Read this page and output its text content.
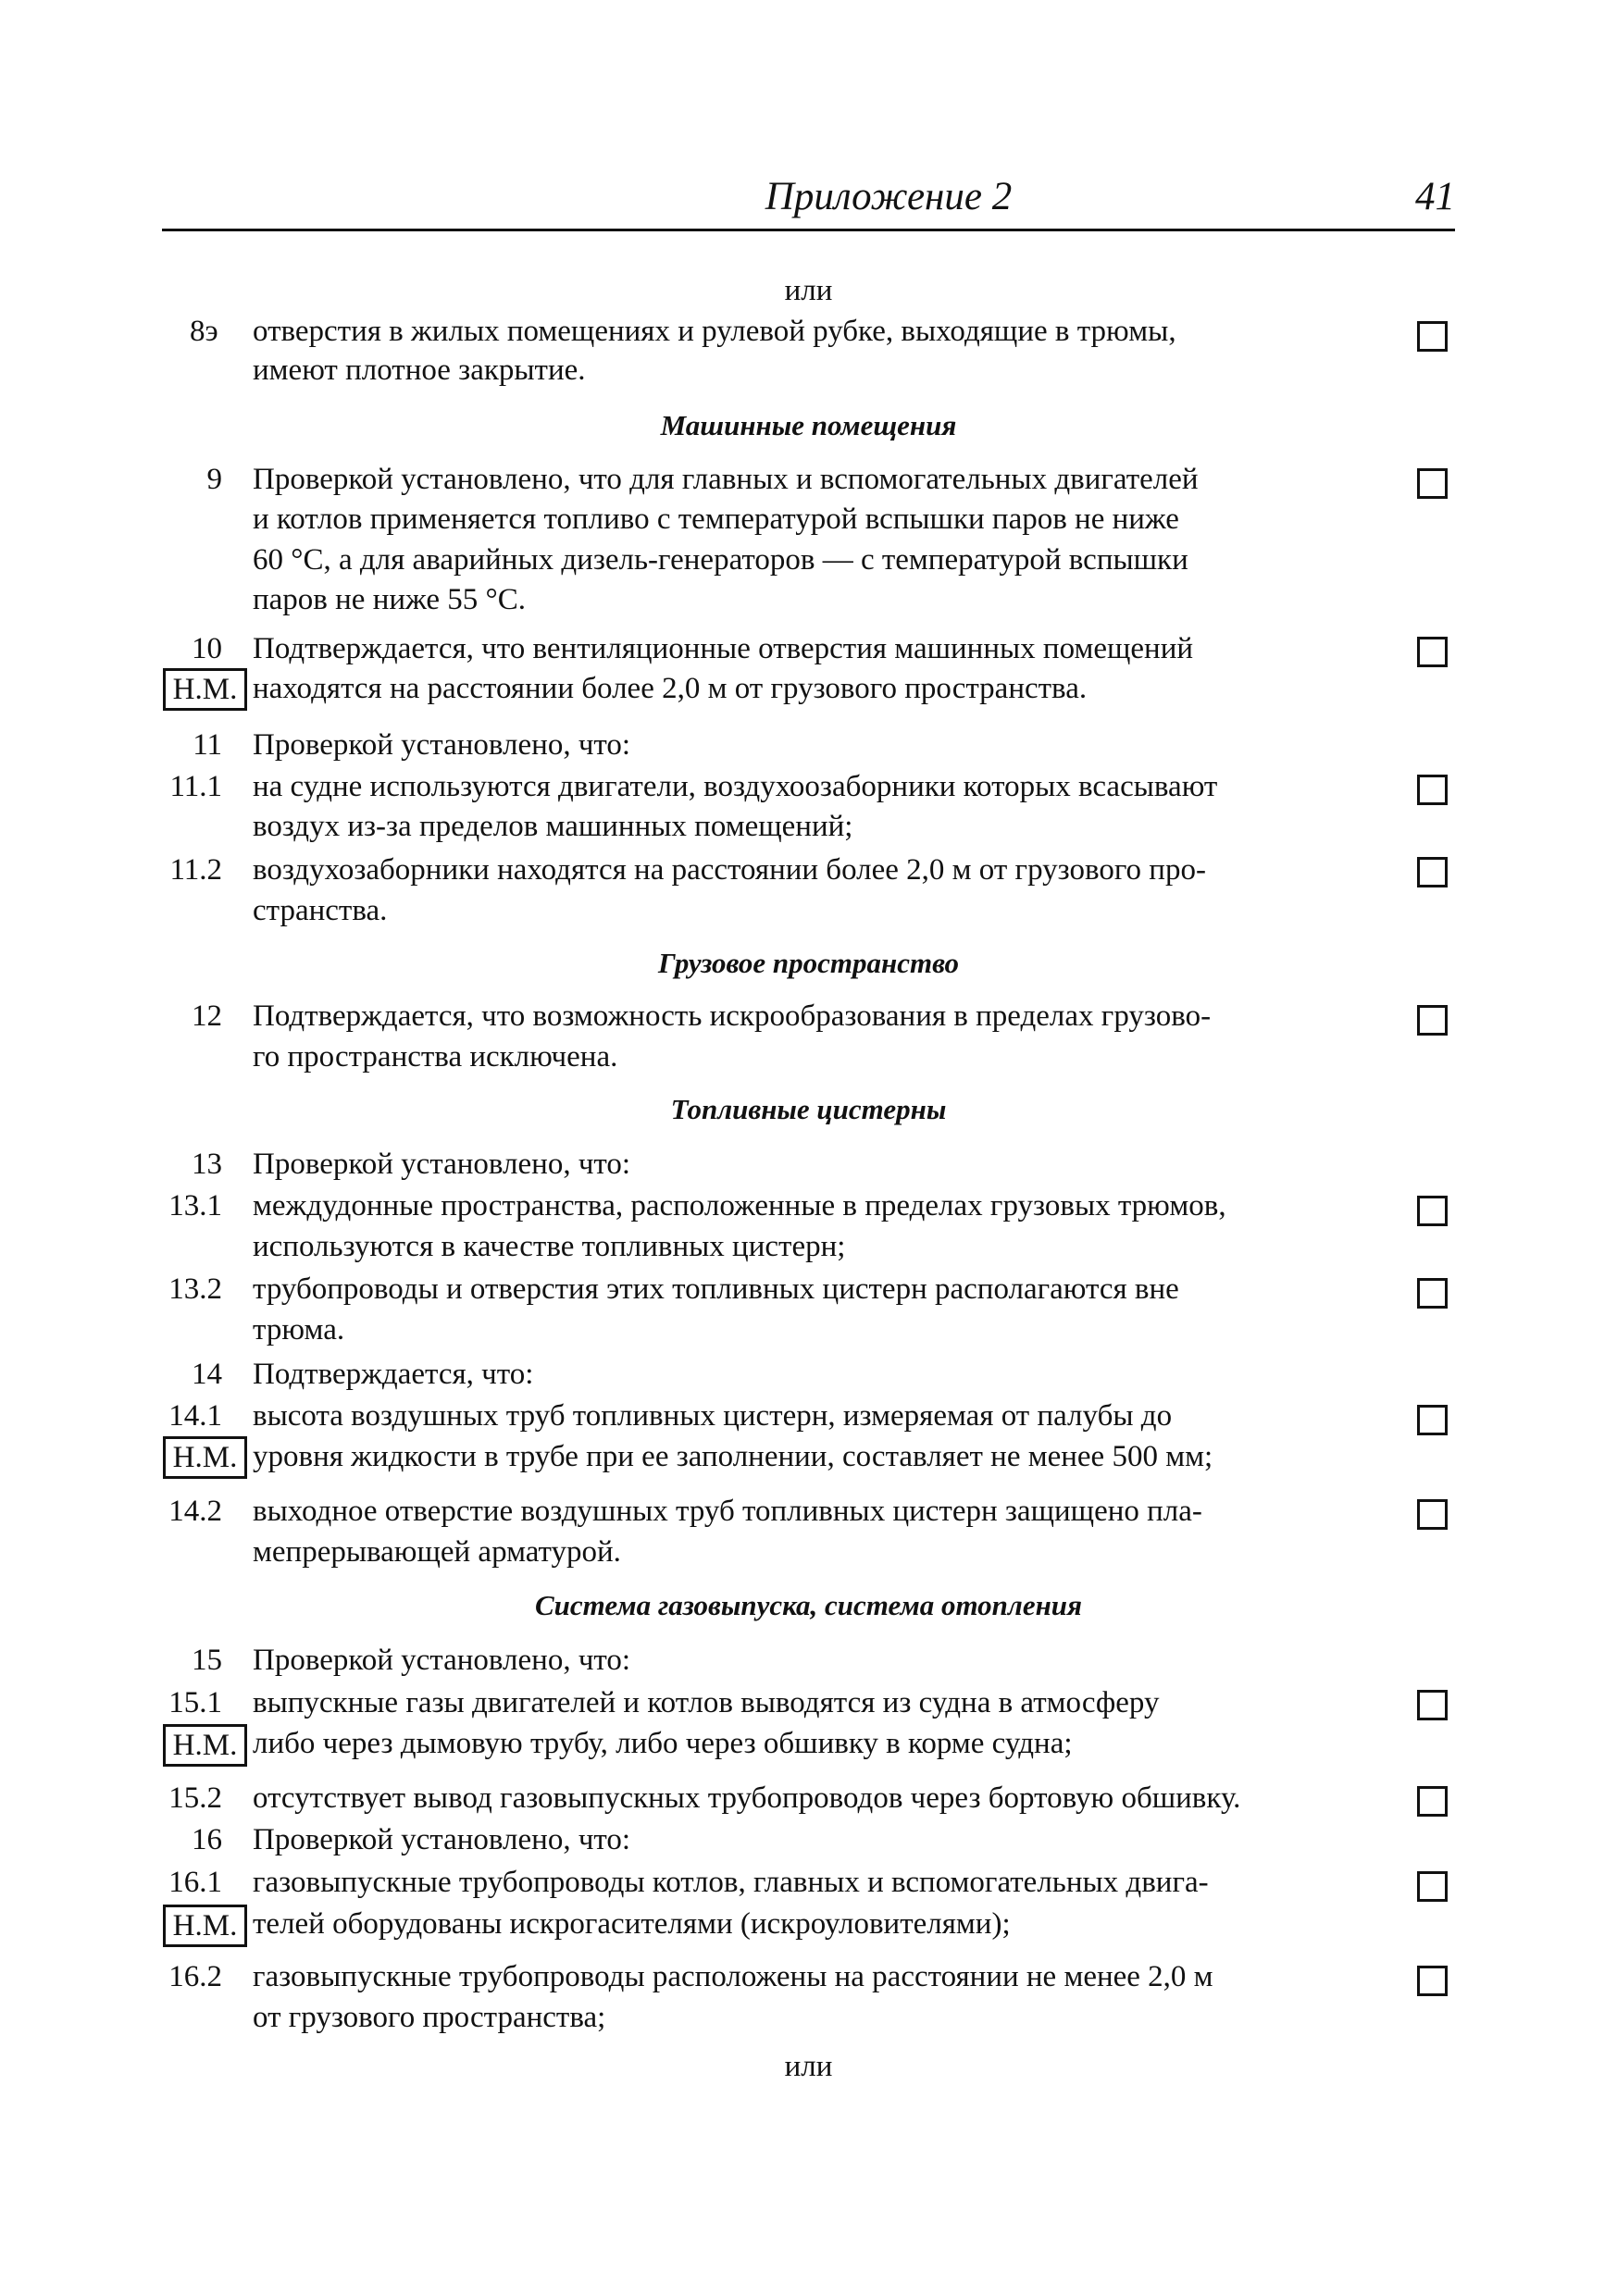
Приложение 2	41
или
8э отверстия в жилых помещениях и рулевой рубке, выходящие в трюмы,
имеют плотное закрытие.
Машинные помещения
9 Проверкой установлено, что для главных и вспомогательных двигателей
и котлов применяется топливо с температурой вспышки паров не ниже
60 °С, а для аварийных дизель-генераторов — с температурой вспышки
паров не ниже 55 °С.
10 Подтверждается, что вентиляционные отверстия машинных помещений
Н.М. находятся на расстоянии более 2,0 м от грузового пространства.
11 Проверкой установлено, что:
11.1 на судне используются двигатели, воздухоозаборники которых всасывают
воздух из-за пределов машинных помещений;
11.2 воздухозаборники находятся на расстоянии более 2,0 м от грузового про-
странства.
Грузовое пространство
12 Подтверждается, что возможность искрообразования в пределах грузово-
го пространства исключена.
Топливные цистерны
13 Проверкой установлено, что:
13.1 междудонные пространства, расположенные в пределах грузовых трюмов,
используются в качестве топливных цистерн;
13.2 трубопроводы и отверстия этих топливных цистерн располагаются вне
трюма.
14 Подтверждается, что:
14.1 высота воздушных труб топливных цистерн, измеряемая от палубы до
Н.М. уровня жидкости в трубе при ее заполнении, составляет не менее 500 мм;
14.2 выходное отверстие воздушных труб топливных цистерн защищено пла-
мепрерывающей арматурой.
Система газовыпуска, система отопления
15 Проверкой установлено, что:
15.1 выпускные газы двигателей и котлов выводятся из судна в атмосферу
Н.М. либо через дымовую трубу, либо через обшивку в корме судна;
15.2 отсутствует вывод газовыпускных трубопроводов через бортовую обшивку.
16 Проверкой установлено, что:
16.1 газовыпускные трубопроводы котлов, главных и вспомогательных двига-
Н.М. телей оборудованы искрогасителями (искроуловителями);
16.2 газовыпускные трубопроводы расположены на расстоянии не менее 2,0 м
от грузового пространства;
или
